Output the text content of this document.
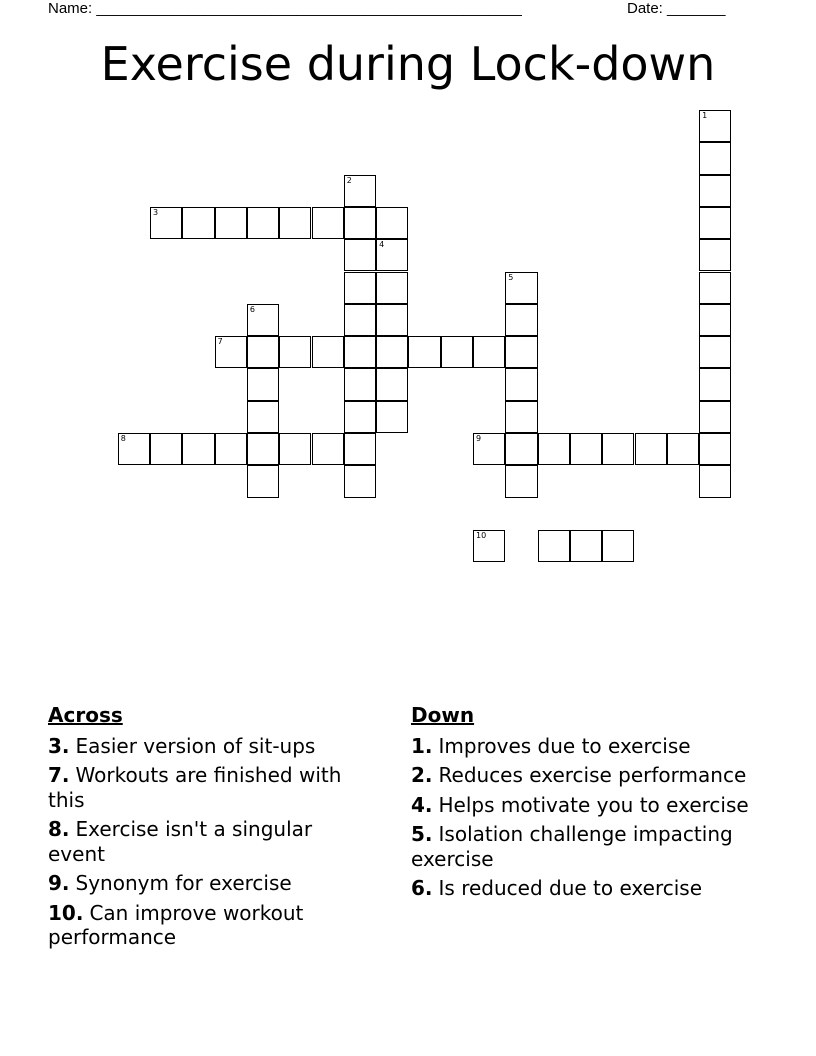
Name: ___________________________________________________	Date: _______
Exercise during Lock-down
1
2
3
4
5
6
7
8	9
10
Across
3. Easier version of sit-ups
7. Workouts are finished with this
8. Exercise isn't a singular event
9. Synonym for exercise
10. Can improve workout performance
Down
1. Improves due to exercise
2. Reduces exercise performance
4. Helps motivate you to exercise
5. Isolation challenge impacting exercise
6. Is reduced due to exercise
